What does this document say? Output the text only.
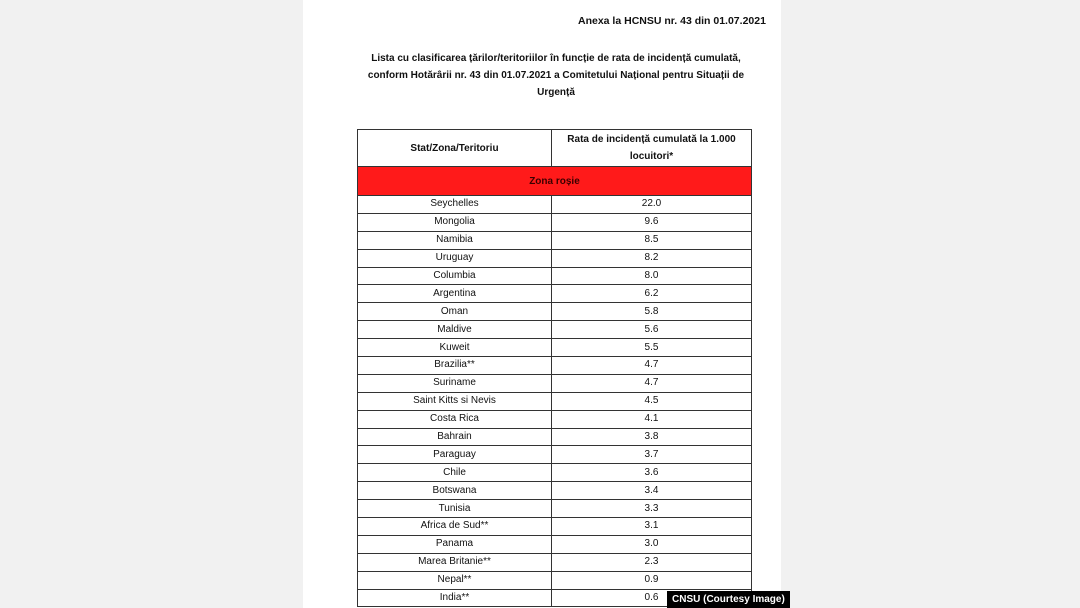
Anexa la HCNSU nr. 43 din 01.07.2021
Lista cu clasificarea țărilor/teritoriilor în funcție de rata de incidență cumulată, conform Hotărârii nr. 43 din 01.07.2021 a Comitetului Național pentru Situații de Urgență
Stat/Zona/Teritoriu	Rata de incidență cumulată la 1.000 locuitori*
Zona roșie	
Seychelles	22.0
Mongolia	9.6
Namibia	8.5
Uruguay	8.2
Columbia	8.0
Argentina	6.2
Oman	5.8
Maldive	5.6
Kuweit	5.5
Brazilia**	4.7
Suriname	4.7
Saint Kitts si Nevis	4.5
Costa Rica	4.1
Bahrain	3.8
Paraguay	3.7
Chile	3.6
Botswana	3.4
Tunisia	3.3
Africa de Sud**	3.1
Panama	3.0
Marea Britanie**	2.3
Nepal**	0.9
India**	0.6	CNSU (Courtesy Image)
